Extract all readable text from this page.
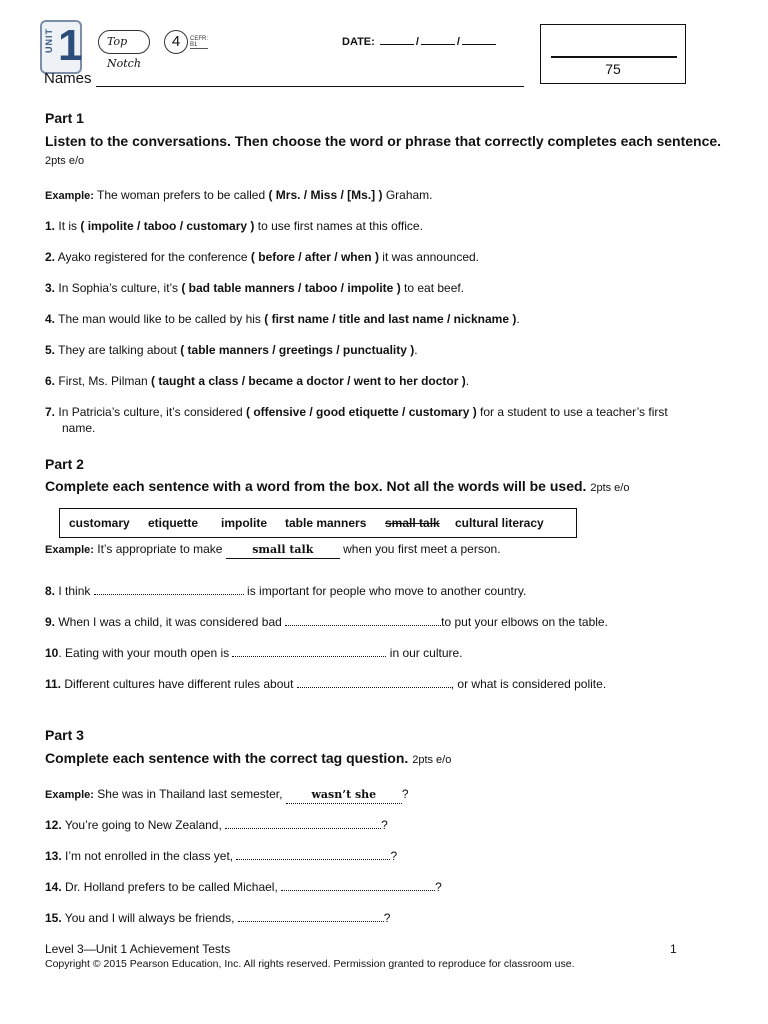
UNIT 1	Top Notch
4	CEFR: B1	DATE:	/	/
75
Names
Part 1
Listen to the conversations. Then choose the word or phrase that correctly completes each sentence. 2pts e/o
Example: The woman prefers to be called ( Mrs. / Miss / [Ms.] ) Graham.
1. It is ( impolite / taboo / customary ) to use first names at this office.
2. Ayako registered for the conference ( before / after / when ) it was announced.
3. In Sophia’s culture, it’s ( bad table manners / taboo / impolite ) to eat beef.
4. The man would like to be called by his ( first name / title and last name / nickname ).
5. They are talking about ( table manners / greetings / punctuality ).
6. First, Ms. Pilman ( taught a class / became a doctor / went to her doctor ).
7. In Patricia’s culture, it’s considered ( offensive / good etiquette / customary ) for a student to use a teacher’s first
name.
Part 2
Complete each sentence with a word from the box. Not all the words will be used. 2pts e/o
customary etiquette impolite table manners small talk cultural literacy
Example: It’s appropriate to make small talk when you first meet a person.
8. I think	is important for people who move to another country.
9. When I was a child, it was considered bad	to put your elbows on the table.
10. Eating with your mouth open is	in our culture.
11. Different cultures have different rules about	, or what is considered polite.
Part 3
Complete each sentence with the correct tag question. 2pts e/o
Example: She was in Thailand last semester, wasn’t she ?
12. You’re going to New Zealand,	?
13. I’m not enrolled in the class yet,	?
14. Dr. Holland prefers to be called Michael,	?
15. You and I will always be friends,	?
Level 3—Unit 1 Achievement Tests	1
Copyright © 2015 Pearson Education, Inc. All rights reserved. Permission granted to reproduce for classroom use.
